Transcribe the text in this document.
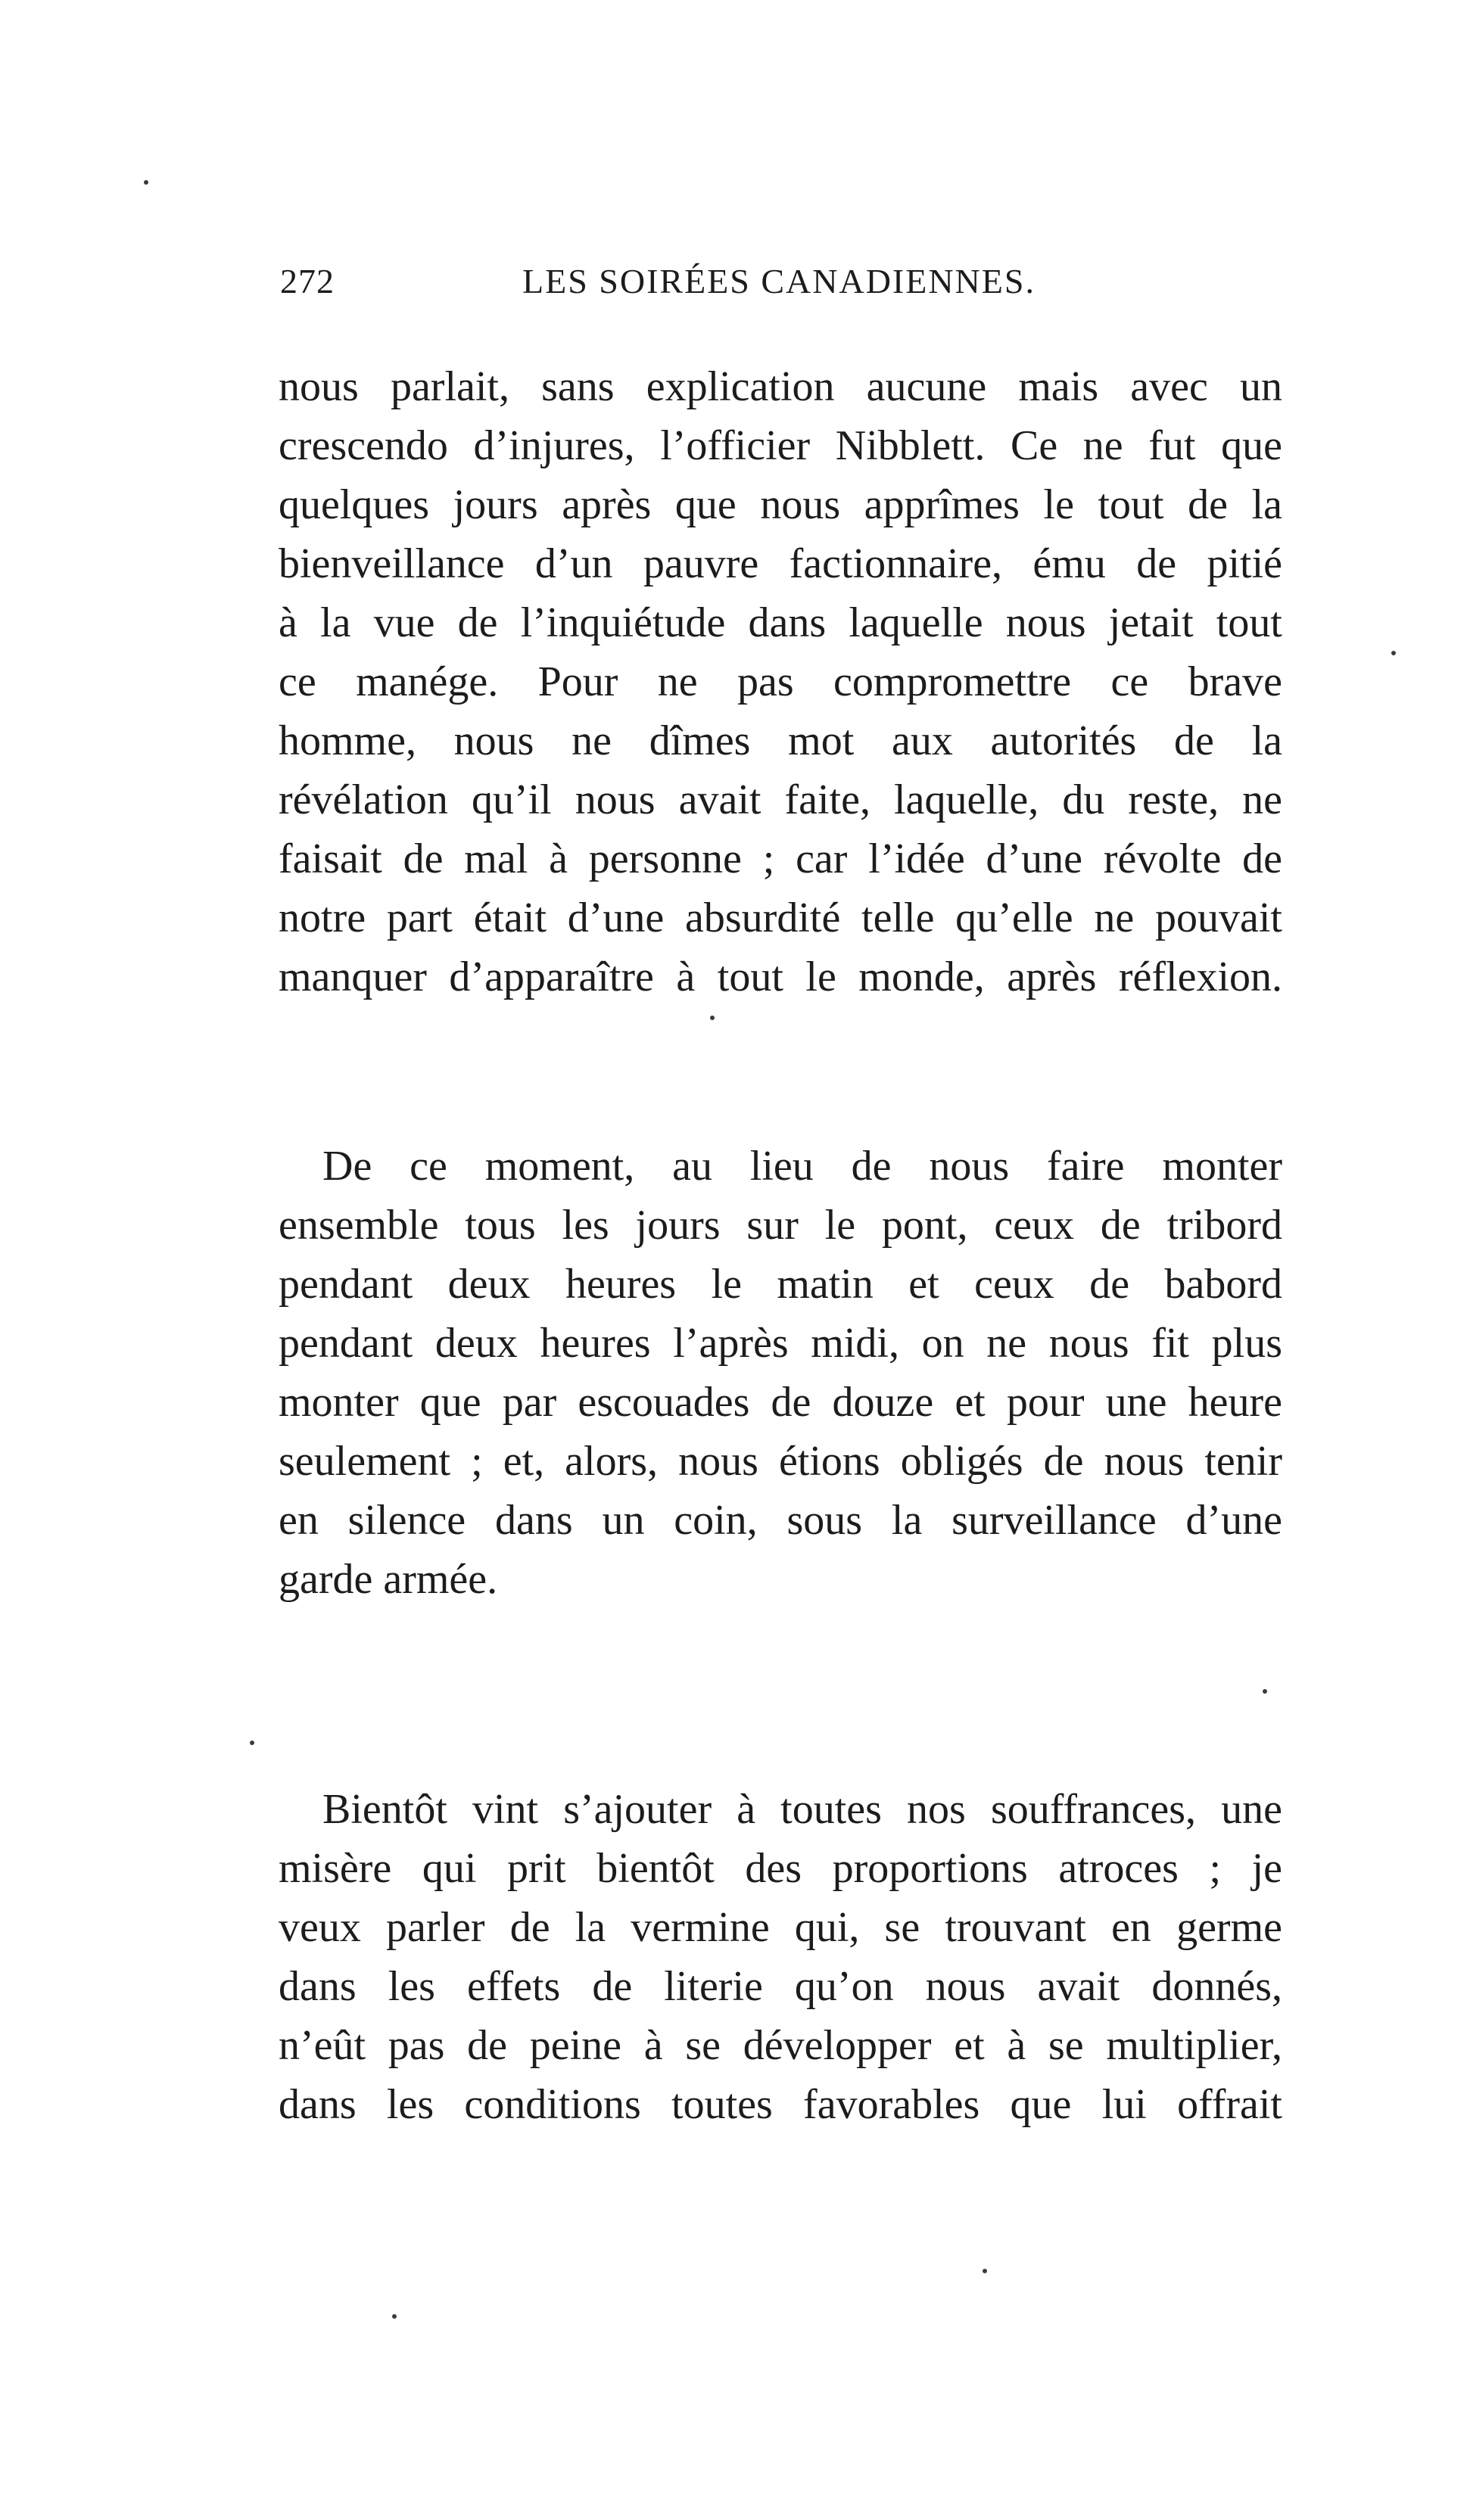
272	LES SOIRÉES CANADIENNES.
nous parlait, sans explication aucune mais avec un
crescendo d’injures, l’officier Nibblett. Ce ne fut que
quelques jours après que nous apprîmes le tout de la
bienveillance d’un pauvre factionnaire, ému de pitié
à la vue de l’inquiétude dans laquelle nous jetait tout
ce manége. Pour ne pas compromettre ce brave
homme, nous ne dîmes mot aux autorités de la
révélation qu’il nous avait faite, laquelle, du reste, ne
faisait de mal à personne ; car l’idée d’une révolte de
notre part était d’une absurdité telle qu’elle ne pouvait
manquer d’apparaître à tout le monde, après réflexion.
De ce moment, au lieu de nous faire monter
ensemble tous les jours sur le pont, ceux de tribord
pendant deux heures le matin et ceux de babord
pendant deux heures l’après midi, on ne nous fit plus
monter que par escouades de douze et pour une heure
seulement ; et, alors, nous étions obligés de nous tenir
en silence dans un coin, sous la surveillance d’une
garde armée.
Bientôt vint s’ajouter à toutes nos souffrances, une
misère qui prit bientôt des proportions atroces ; je
veux parler de la vermine qui, se trouvant en germe
dans les effets de literie qu’on nous avait donnés,
n’eût pas de peine à se développer et à se multiplier,
dans les conditions toutes favorables que lui offrait
